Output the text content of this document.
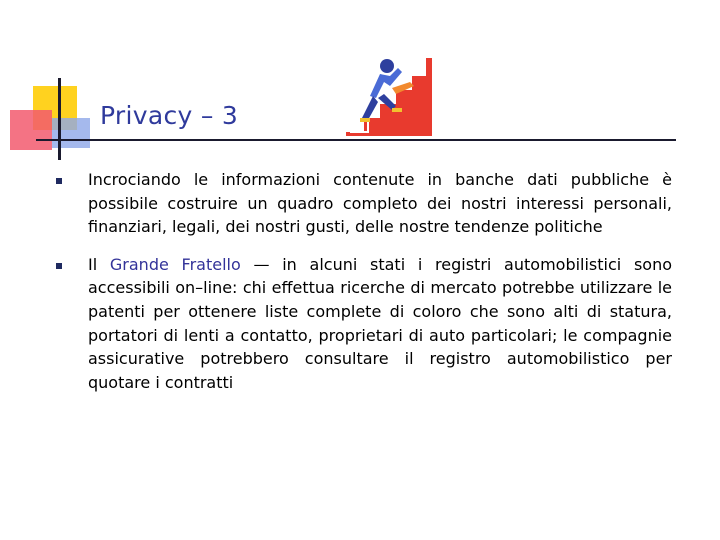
Privacy – 3
Incrociando le informazioni contenute in banche dati pubbliche è possibile costruire un quadro completo dei nostri interessi personali, finanziari, legali, dei nostri gusti, delle nostre tendenze politiche
Il Grande Fratello — in alcuni stati i registri automobilistici sono accessibili on–line: chi effettua ricerche di mercato potrebbe utilizzare le patenti per ottenere liste complete di coloro che sono alti di statura, portatori di lenti a contatto, proprietari di auto particolari; le compagnie assicurative potrebbero consultare il registro automobilistico per quotare i contratti
